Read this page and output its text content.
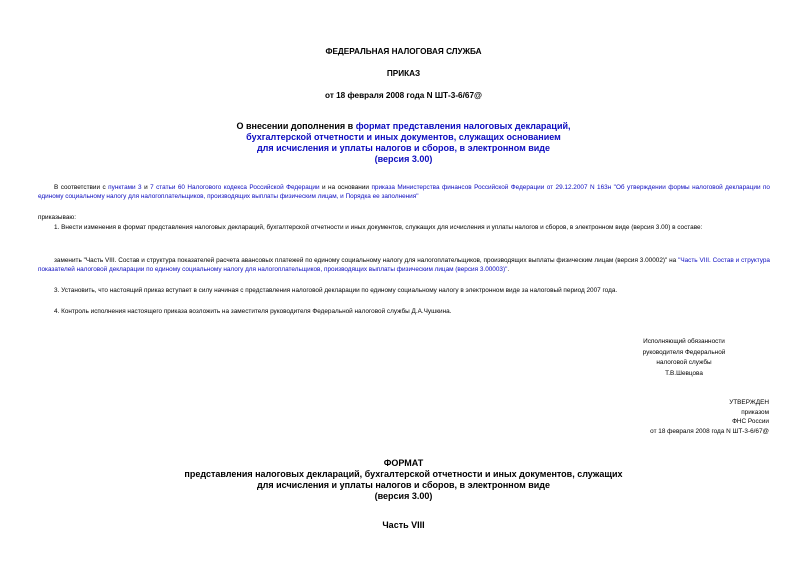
ФЕДЕРАЛЬНАЯ НАЛОГОВАЯ СЛУЖБА

ПРИКАЗ

от 18 февраля 2008 года N ШТ-3-6/67@

О внесении дополнения в формат представления налоговых деклараций,
бухгалтерской отчетности и иных документов, служащих основанием
для исчисления и уплаты налогов и сборов, в электронном виде
(версия 3.00)

В соответствии с пунктами 3 и 7 статьи 60 Налогового кодекса Российской Федерации и на основании приказа Министерства финансов Российской Федерации от 29.12.2007 N 163н "Об утверждении формы налоговой декларации по единому социальному налогу для налогоплательщиков, производящих выплаты физическим лицам, и Порядка ее заполнения"

приказываю:

1. Внести изменения в формат представления налоговых деклараций, бухгалтерской отчетности и иных документов, служащих для исчисления и уплаты налогов и сборов, в электронном виде (версия 3.00) в составе:

заменить "Часть VIII. Состав и структура показателей расчета авансовых платежей по единому социальному налогу для налогоплательщиков, производящих выплаты физическим лицам (версия 3.00002)" на "Часть VIII. Состав и структура показателей налоговой декларации по единому социальному налогу для налогоплательщиков, производящих выплаты физическим лицам (версия 3.00003)".

3. Установить, что настоящий приказ вступает в силу начиная с представления налоговой декларации по единому социальному налогу в электронном виде за налоговый период 2007 года.

4. Контроль исполнения настоящего приказа возложить на заместителя руководителя Федеральной налоговой службы Д.А.Чушкина.

Исполняющий обязанности
руководителя Федеральной
налоговой службы
Т.В.Шевцова
УТВЕРЖДЕН
приказом
ФНС России
от 18 февраля 2008 года N ШТ-3-6/67@
ФОРМАТ
представления налоговых деклараций, бухгалтерской отчетности и иных документов, служащих
для исчисления и уплаты налогов и сборов, в электронном виде
(версия 3.00)

Часть VIII
